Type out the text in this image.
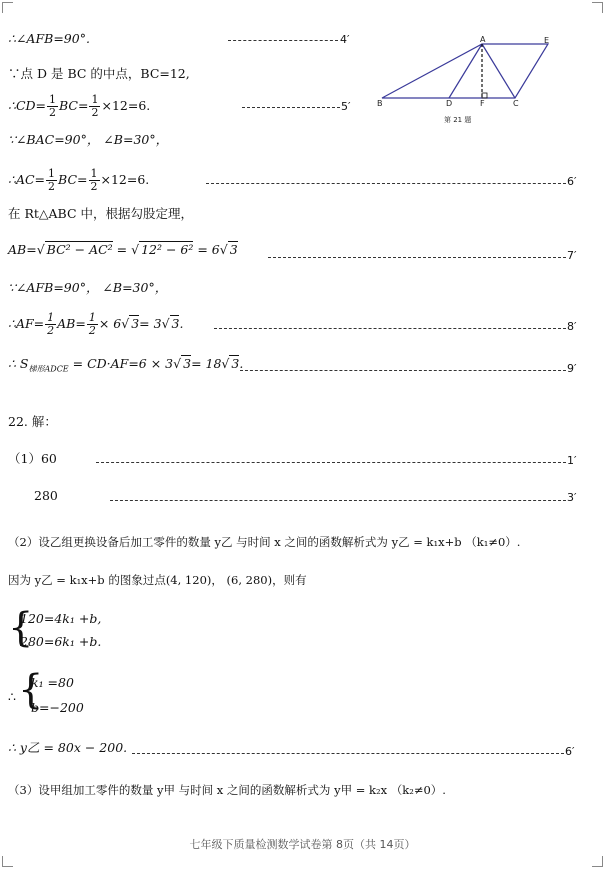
∴∠AFB=90°.	4′
∵点 D 是 BC 的中点，BC=12,
∴CD= $\frac{1}{2} BC= \frac{1}{2} \times 12=6$.	5′
A	E
B	D	F	C
第 21 题
∵∠BAC=90°， ∠B=30°，
∴AC= $\frac{1}{2} BC= \frac{1}{2} \times 12=6$.	6′
在 Rt△ABC 中，根据勾股定理，
AB=√ BC² − AC² = √ 12² − 6² = 6√ 3	7′
∵∠AFB=90°， ∠B=30°，
∴AF= $\frac{1}{2} AB= \frac{1}{2} \times 6√$ 3= 3√ 3.	8′
∴ $S_{梯形ADCE} = CD\cdot AF=6 \times 3√$ 3= 18√ 3.	9′
22. 解：
（1）60	1′
280	3′
（2）设乙组更换设备后加工零件的数量 y乙 与时间 x 之间的函数解析式为 y乙 = k₁x+b （k₁≠0）.
因为 y乙 = k₁x+b 的图象过点(4, 120)， (6, 280)，则有
{
120=4k₁ +b,
280=6k₁ +b.
∴ {
k₁ =80
b=−200
∴ y乙 = 80x − 200.	6′
（3）设甲组加工零件的数量 y甲 与时间 x 之间的函数解析式为 y甲 = k₂x （k₂≠0）.
七年级下质量检测数学试卷第 8页（共 14页）
